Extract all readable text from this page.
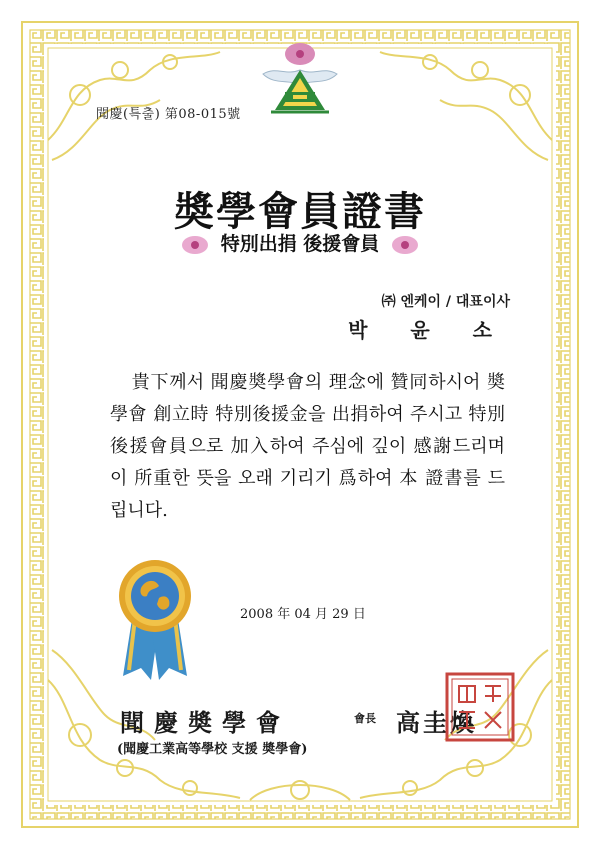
聞慶(특출) 第08-015號
奬學會員證書
特別出捐 後援會員
㈜ 엔케이 / 대표이사
박 윤 소

貴下께서 聞慶奬學會의 理念에 贊同하시어 奬學會 創立時 特別後援金을 出捐하여 주시고 特別後援會員으로 加入하여 주심에 깊이 感謝드리며 이 所重한 뜻을 오래 기리기 爲하여 本 證書를 드립니다.

2008 年 04 月 29 日
聞慶奬學會	會長 高圭煥
(聞慶工業高等學校 支援 奬學會)
